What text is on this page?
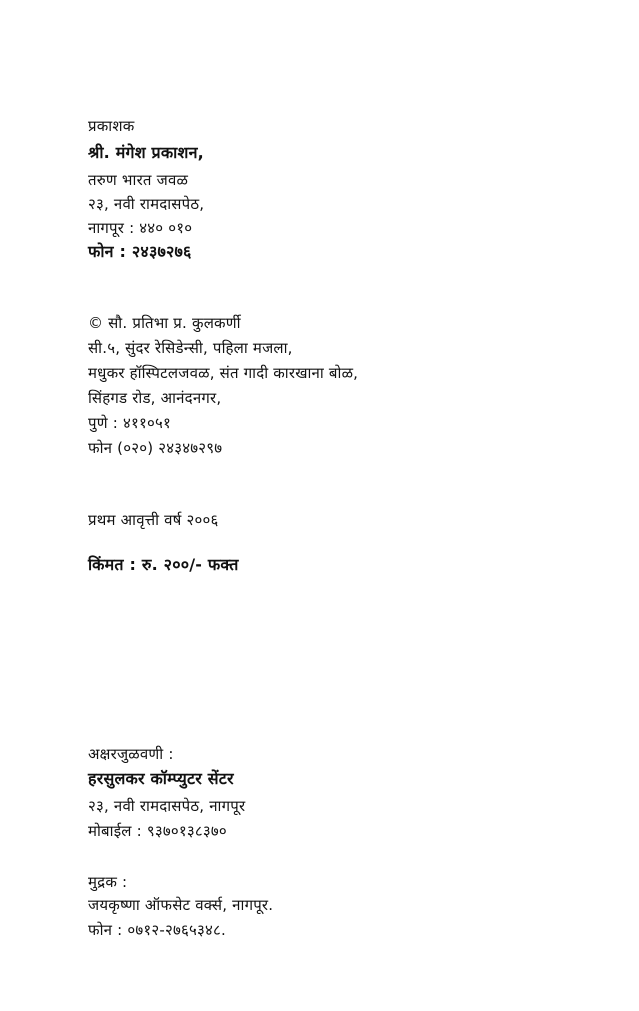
प्रकाशक
श्री. मंगेश प्रकाशन,
तरुण भारत जवळ
२३, नवी रामदासपेठ,
नागपूर : ४४० ०१०
फोन : २४३७२७६
© सौ. प्रतिभा प्र. कुलकर्णी
सी.५, सुंदर रेसिडेन्सी, पहिला मजला,
मधुकर हॉस्पिटलजवळ, संत गादी कारखाना बोळ,
सिंहगड रोड, आनंदनगर,
पुणे : ४११०५१
फोन (०२०) २४३४७२९७
प्रथम आवृत्ती वर्ष २००६
किंमत : रु. २००/- फक्त
अक्षरजुळवणी :
हरसुलकर कॉम्प्युटर सेंटर
२३, नवी रामदासपेठ, नागपूर
मोबाईल : ९३७०१३८३७०
मुद्रक :
जयकृष्णा ऑफसेट वर्क्स, नागपूर.
फोन : ०७१२-२७६५३४८.
